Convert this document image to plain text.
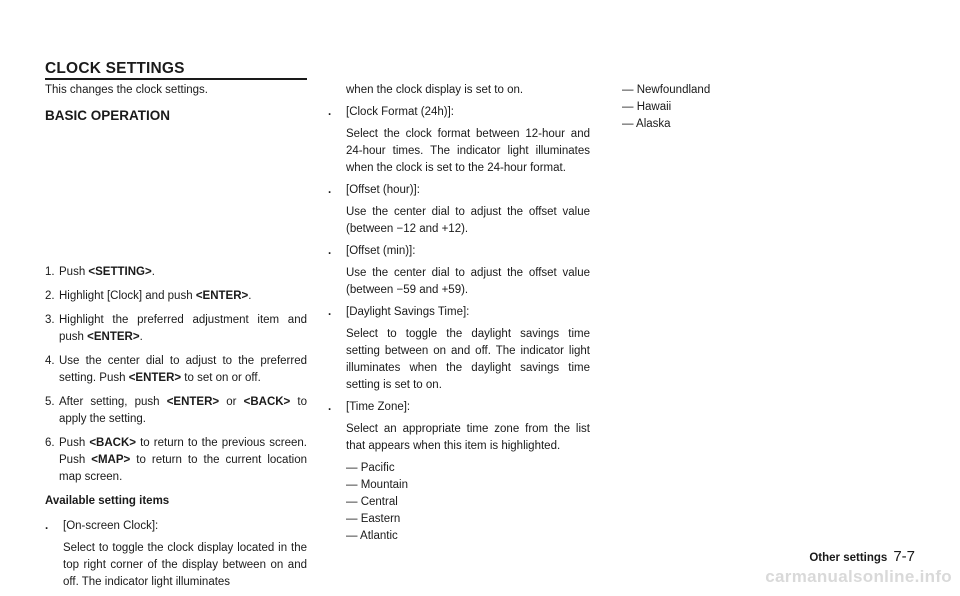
CLOCK SETTINGS

This changes the clock settings.

BASIC OPERATION

1. Push <SETTING>.
2. Highlight [Clock] and push <ENTER>.
3. Highlight the preferred adjustment item and push <ENTER>.
4. Use the center dial to adjust to the preferred setting. Push <ENTER> to set on or off.
5. After setting, push <ENTER> or <BACK> to apply the setting.
6. Push <BACK> to return to the previous screen. Push <MAP> to return to the current location map screen.

Available setting items

.	[On-screen Clock]:

Select to toggle the clock display located in the top right corner of the display between on and off. The indicator light illuminates

when the clock display is set to on.

.	[Clock Format (24h)]:

Select the clock format between 12-hour and 24-hour times. The indicator light illuminates when the clock is set to the 24-hour format.

.	[Offset (hour)]:

Use the center dial to adjust the offset value (between −12 and +12).

.	[Offset (min)]:

Use the center dial to adjust the offset value (between −59 and +59).

.	[Daylight Savings Time]:

Select to toggle the daylight savings time setting between on and off. The indicator light illuminates when the daylight savings time setting is set to on.

.	[Time Zone]:

Select an appropriate time zone from the list that appears when this item is highlighted.

— Pacific
— Mountain
— Central
— Eastern
— Atlantic
— Newfoundland
— Hawaii
— Alaska
Other settings 7-7
carmanualsonline.info
